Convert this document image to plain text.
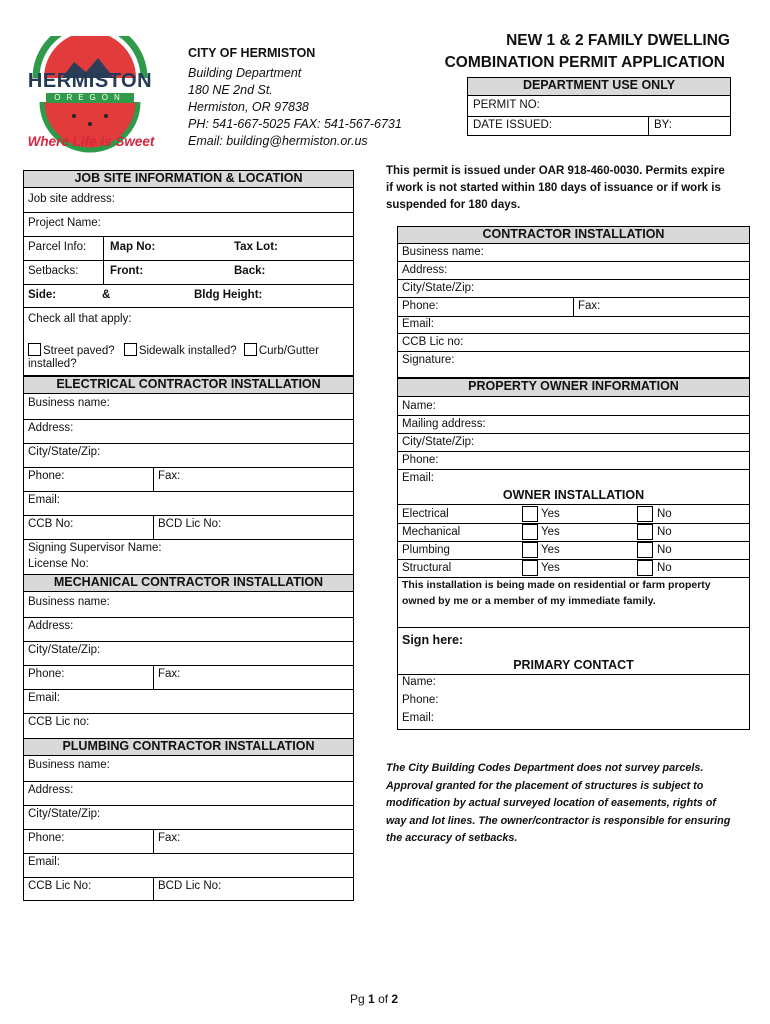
HERMISTON
OREGON
Where Life is Sweet
CITY OF HERMISTON
Building Department
180 NE 2nd St.
Hermiston, OR 97838
PH: 541-667-5025 FAX: 541-567-6731
Email: building@hermiston.or.us
NEW 1 & 2 FAMILY DWELLING
COMBINATION PERMIT APPLICATION
DEPARTMENT USE ONLY
PERMIT NO:
DATE ISSUED:	BY:
This permit is issued under OAR 918-460-0030. Permits expire if work is not started within 180 days of issuance or if work is suspended for 180 days.
JOB SITE INFORMATION & LOCATION
Job site address:
Project Name:
Parcel Info: Map No:	Tax Lot:
Setbacks:	Front:	Back:
Side:	&	Bldg Height:
Check all that apply:
Street paved? Sidewalk installed? Curb/Gutter
installed?
ELECTRICAL CONTRACTOR INSTALLATION
Business name:
Address:
City/State/Zip:
Phone:	Fax:
Email:
CCB No:	BCD Lic No:
Signing Supervisor Name:
License No:
MECHANICAL CONTRACTOR INSTALLATION
Business name:
Address:
City/State/Zip:
Phone:	Fax:
Email:
CCB Lic no:
PLUMBING CONTRACTOR INSTALLATION
Business name:
Address:
City/State/Zip:
Phone:	Fax:
Email:
CCB Lic No:	BCD Lic No:
CONTRACTOR INSTALLATION
Business name:
Address:
City/State/Zip:
Phone:	Fax:
Email:
CCB Lic no:
Signature:
PROPERTY OWNER INFORMATION
Name:
Mailing address:
City/State/Zip:
Phone:
Email:
OWNER INSTALLATION
Electrical	Yes	No
Mechanical	Yes	No
Plumbing	Yes	No
Structural	Yes	No
This installation is being made on residential or farm property owned by me or a member of my immediate family.
Sign here:
PRIMARY CONTACT
Name:
Phone:
Email:
The City Building Codes Department does not survey parcels. Approval granted for the placement of structures is subject to modification by actual surveyed location of easements, rights of way and lot lines. The owner/contractor is responsible for ensuring the accuracy of setbacks.
Pg 1 of 2
